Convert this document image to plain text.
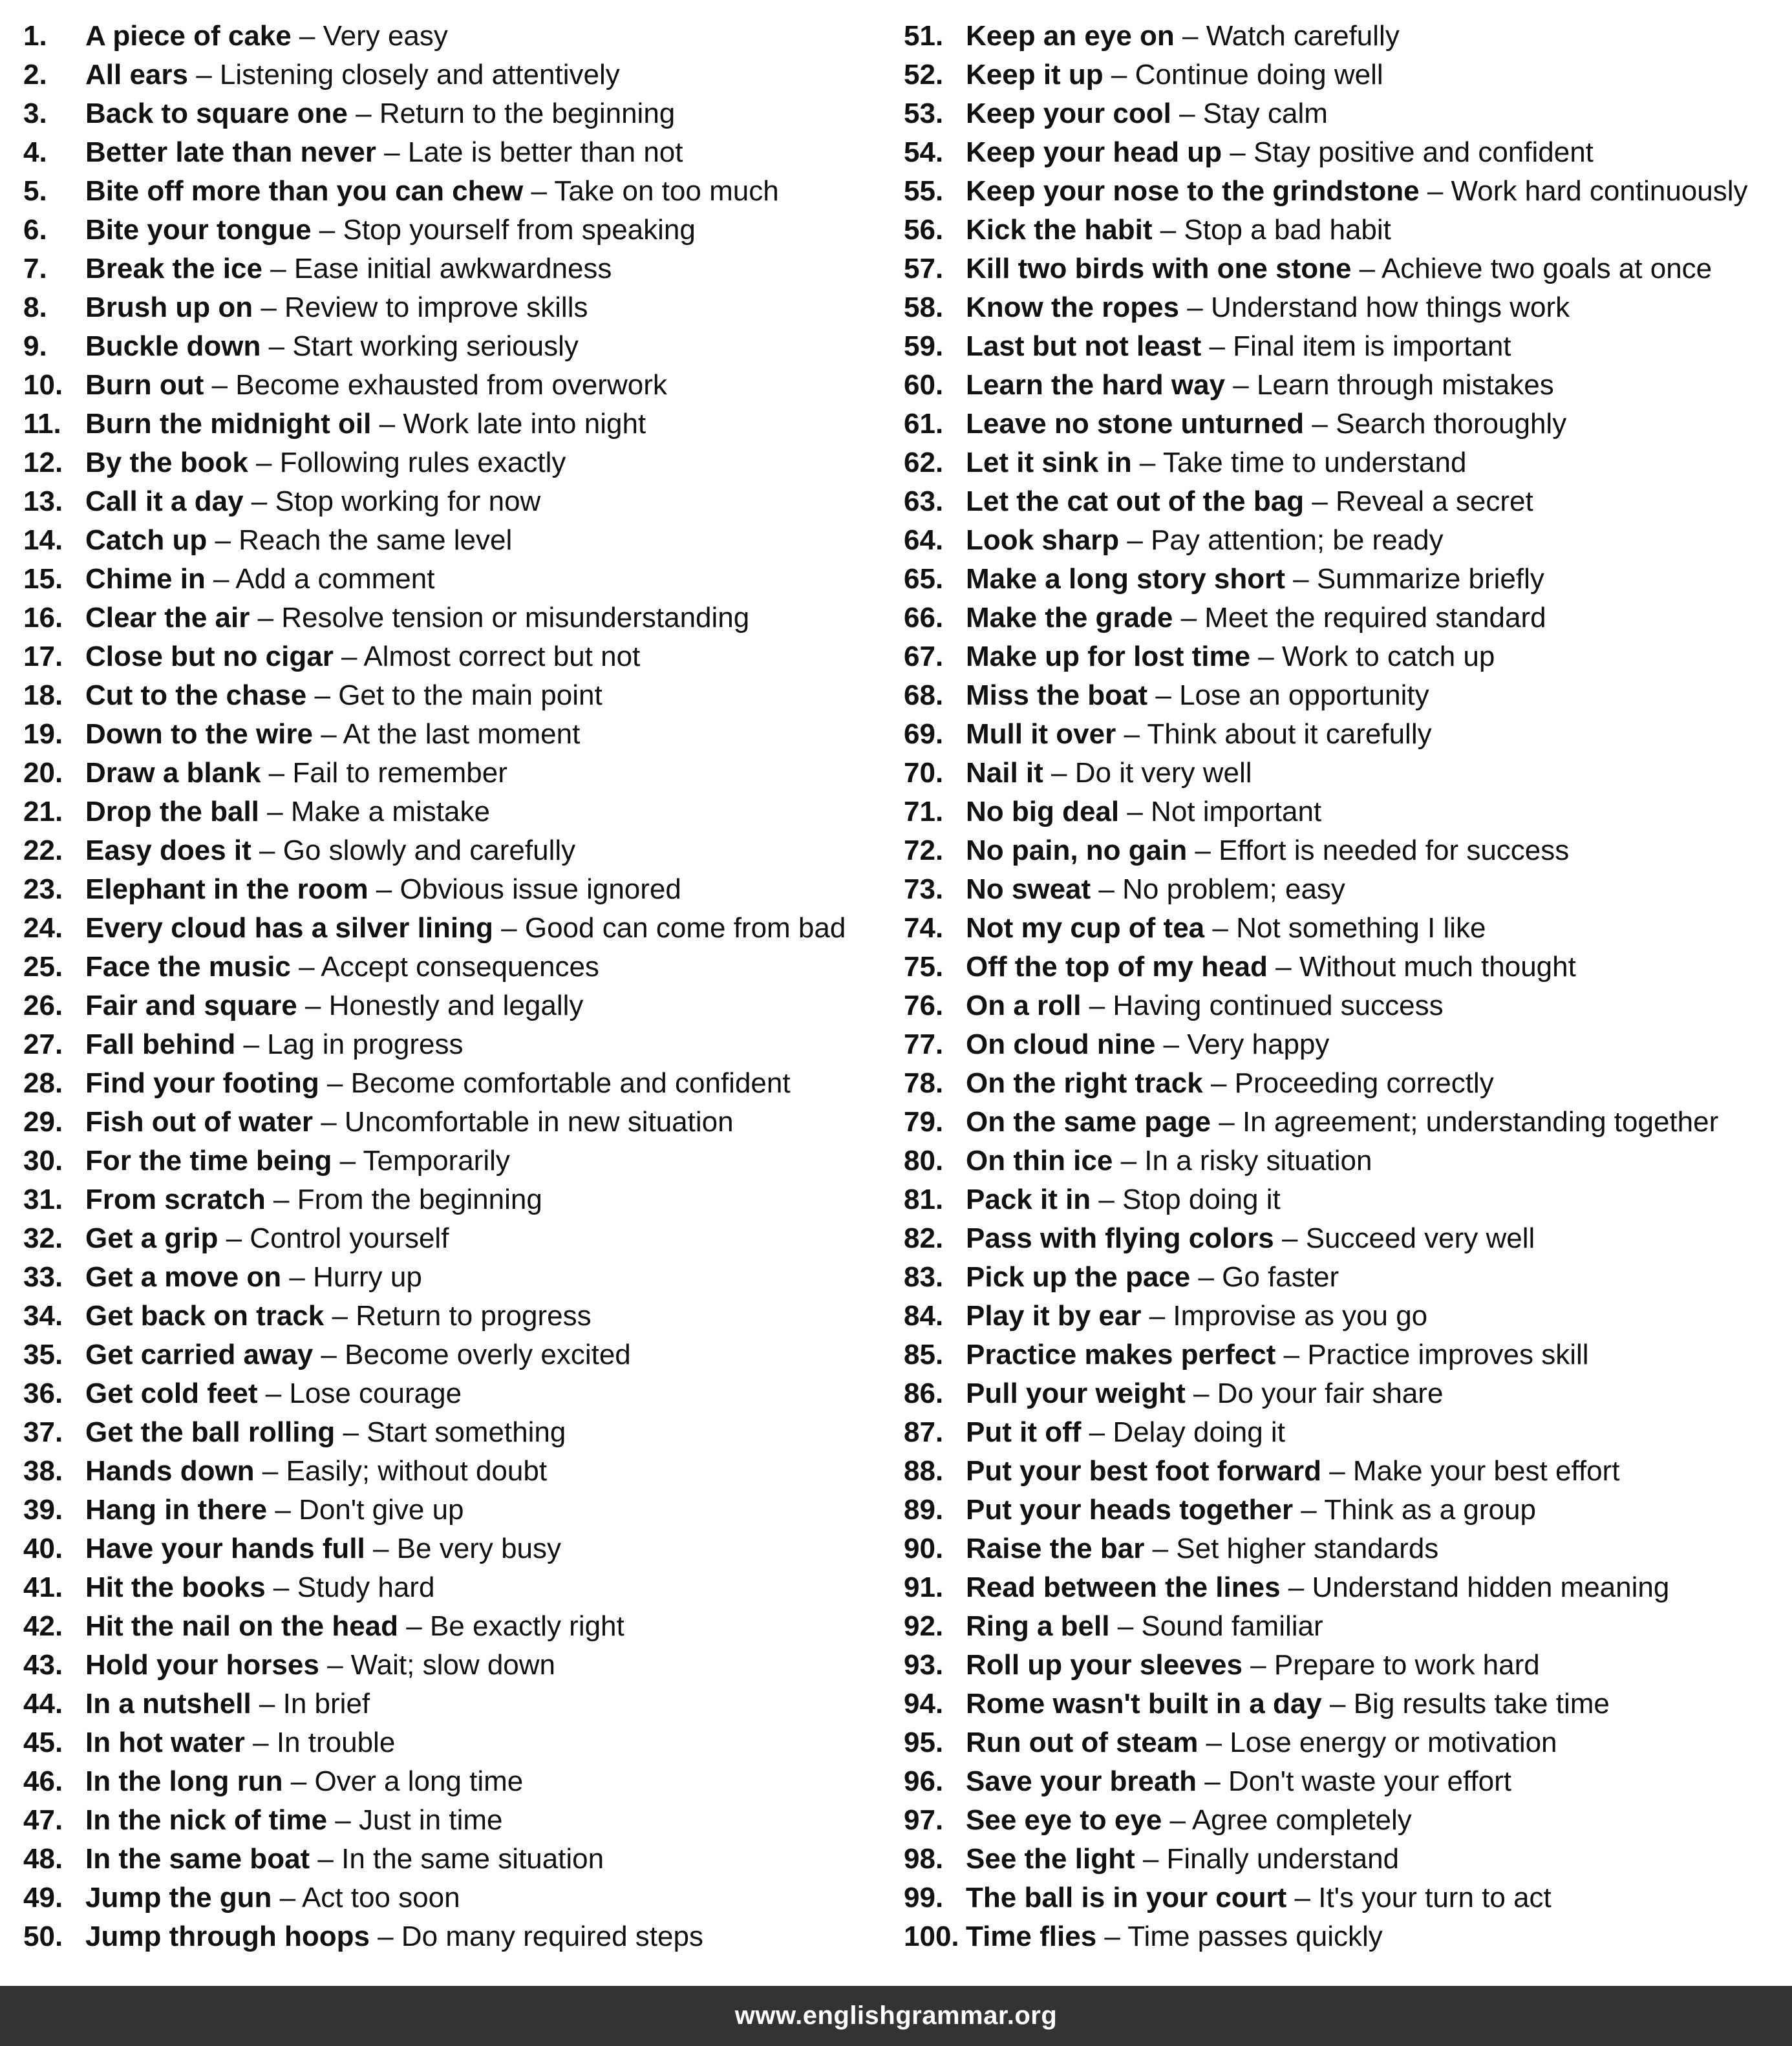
1. A piece of cake – Very easy
2. All ears – Listening closely and attentively
3. Back to square one – Return to the beginning
4. Better late than never – Late is better than not
5. Bite off more than you can chew – Take on too much
6. Bite your tongue – Stop yourself from speaking
7. Break the ice – Ease initial awkwardness
8. Brush up on – Review to improve skills
9. Buckle down – Start working seriously
10. Burn out – Become exhausted from overwork
11. Burn the midnight oil – Work late into night
12. By the book – Following rules exactly
13. Call it a day – Stop working for now
14. Catch up – Reach the same level
15. Chime in – Add a comment
16. Clear the air – Resolve tension or misunderstanding
17. Close but no cigar – Almost correct but not
18. Cut to the chase – Get to the main point
19. Down to the wire – At the last moment
20. Draw a blank – Fail to remember
21. Drop the ball – Make a mistake
22. Easy does it – Go slowly and carefully
23. Elephant in the room – Obvious issue ignored
24. Every cloud has a silver lining – Good can come from bad
25. Face the music – Accept consequences
26. Fair and square – Honestly and legally
27. Fall behind – Lag in progress
28. Find your footing – Become comfortable and confident
29. Fish out of water – Uncomfortable in new situation
30. For the time being – Temporarily
31. From scratch – From the beginning
32. Get a grip – Control yourself
33. Get a move on – Hurry up
34. Get back on track – Return to progress
35. Get carried away – Become overly excited
36. Get cold feet – Lose courage
37. Get the ball rolling – Start something
38. Hands down – Easily; without doubt
39. Hang in there – Don't give up
40. Have your hands full – Be very busy
41. Hit the books – Study hard
42. Hit the nail on the head – Be exactly right
43. Hold your horses – Wait; slow down
44. In a nutshell – In brief
45. In hot water – In trouble
46. In the long run – Over a long time
47. In the nick of time – Just in time
48. In the same boat – In the same situation
49. Jump the gun – Act too soon
50. Jump through hoops – Do many required steps
51. Keep an eye on – Watch carefully
52. Keep it up – Continue doing well
53. Keep your cool – Stay calm
54. Keep your head up – Stay positive and confident
55. Keep your nose to the grindstone – Work hard continuously
56. Kick the habit – Stop a bad habit
57. Kill two birds with one stone – Achieve two goals at once
58. Know the ropes – Understand how things work
59. Last but not least – Final item is important
60. Learn the hard way – Learn through mistakes
61. Leave no stone unturned – Search thoroughly
62. Let it sink in – Take time to understand
63. Let the cat out of the bag – Reveal a secret
64. Look sharp – Pay attention; be ready
65. Make a long story short – Summarize briefly
66. Make the grade – Meet the required standard
67. Make up for lost time – Work to catch up
68. Miss the boat – Lose an opportunity
69. Mull it over – Think about it carefully
70. Nail it – Do it very well
71. No big deal – Not important
72. No pain, no gain – Effort is needed for success
73. No sweat – No problem; easy
74. Not my cup of tea – Not something I like
75. Off the top of my head – Without much thought
76. On a roll – Having continued success
77. On cloud nine – Very happy
78. On the right track – Proceeding correctly
79. On the same page – In agreement; understanding together
80. On thin ice – In a risky situation
81. Pack it in – Stop doing it
82. Pass with flying colors – Succeed very well
83. Pick up the pace – Go faster
84. Play it by ear – Improvise as you go
85. Practice makes perfect – Practice improves skill
86. Pull your weight – Do your fair share
87. Put it off – Delay doing it
88. Put your best foot forward – Make your best effort
89. Put your heads together – Think as a group
90. Raise the bar – Set higher standards
91. Read between the lines – Understand hidden meaning
92. Ring a bell – Sound familiar
93. Roll up your sleeves – Prepare to work hard
94. Rome wasn't built in a day – Big results take time
95. Run out of steam – Lose energy or motivation
96. Save your breath – Don't waste your effort
97. See eye to eye – Agree completely
98. See the light – Finally understand
99. The ball is in your court – It's your turn to act
100. Time flies – Time passes quickly
www.englishgrammar.org
